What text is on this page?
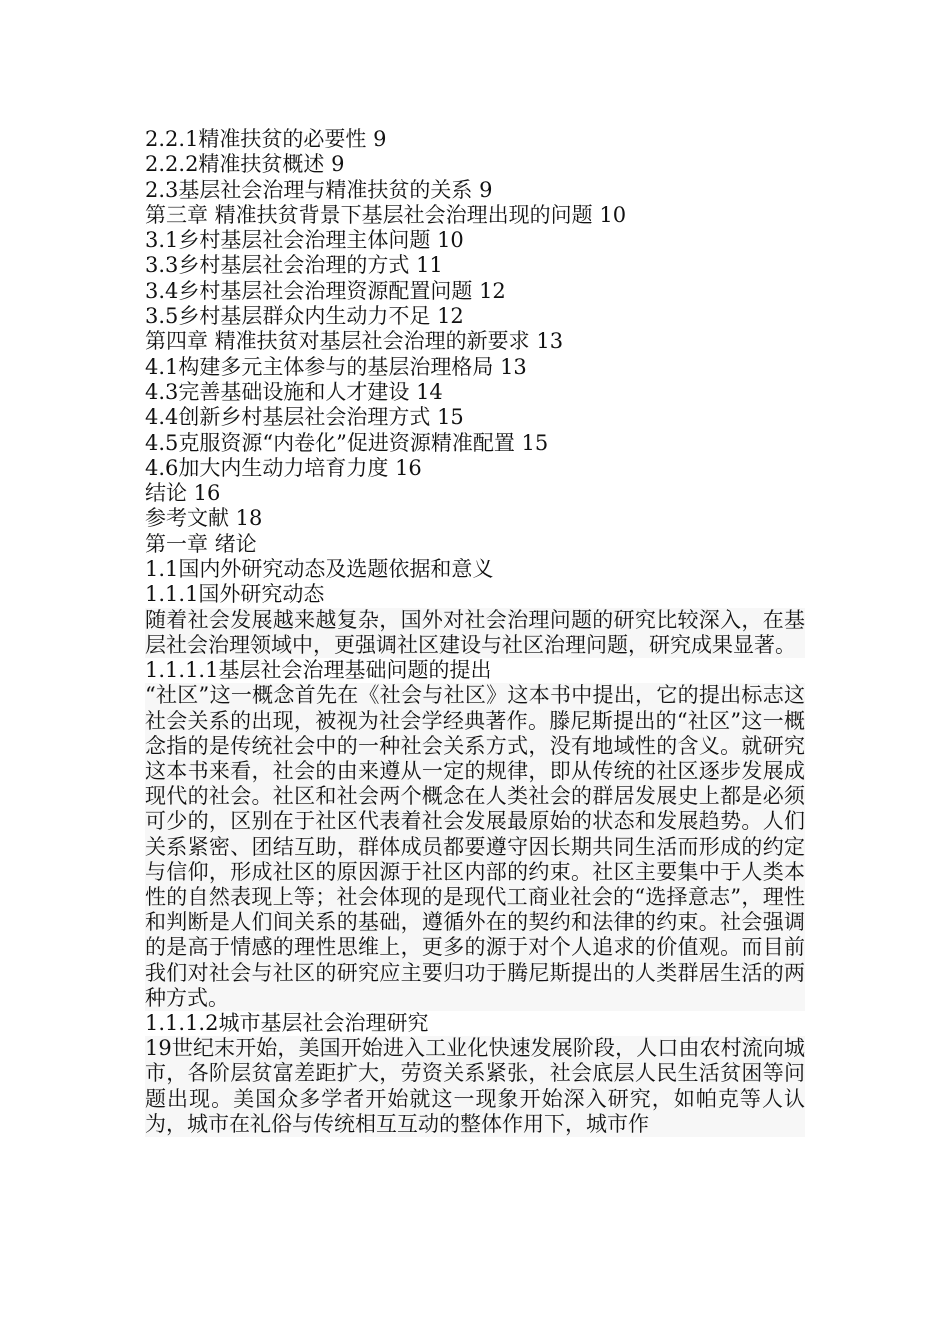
2.2.1精准扶贫的必要性 9
2.2.2精准扶贫概述 9
2.3基层社会治理与精准扶贫的关系 9
第三章 精准扶贫背景下基层社会治理出现的问题 10
3.1乡村基层社会治理主体问题 10
3.3乡村基层社会治理的方式 11
3.4乡村基层社会治理资源配置问题 12
3.5乡村基层群众内生动力不足 12
第四章 精准扶贫对基层社会治理的新要求 13
4.1构建多元主体参与的基层治理格局 13
4.3完善基础设施和人才建设 14
4.4创新乡村基层社会治理方式 15
4.5克服资源“内卷化”促进资源精准配置 15
4.6加大内生动力培育力度 16
结论 16
参考文献 18
第一章 绪论
1.1国内外研究动态及选题依据和意义
1.1.1国外研究动态

随着社会发展越来越复杂，国外对社会治理问题的研究比较深入，在基层社会治理领域中，更强调社区建设与社区治理问题，研究成果显著。

1.1.1.1基层社会治理基础问题的提出

“社区”这一概念首先在《社会与社区》这本书中提出，它的提出标志这社会关系的出现，被视为社会学经典著作。滕尼斯提出的“社区”这一概念指的是传统社会中的一种社会关系方式，没有地域性的含义。就研究这本书来看，社会的由来遵从一定的规律，即从传统的社区逐步发展成现代的社会。社区和社会两个概念在人类社会的群居发展史上都是必须可少的，区别在于社区代表着社会发展最原始的状态和发展趋势。人们关系紧密、团结互助，群体成员都要遵守因长期共同生活而形成的约定与信仰，形成社区的原因源于社区内部的约束。社区主要集中于人类本性的自然表现上等；社会体现的是现代工商业社会的“选择意志”，理性和判断是人们间关系的基础，遵循外在的契约和法律的约束。社会强调的是高于情感的理性思维上，更多的源于对个人追求的价值观。而目前我们对社会与社区的研究应主要归功于腾尼斯提出的人类群居生活的两种方式。

1.1.1.2城市基层社会治理研究

19世纪末开始，美国开始进入工业化快速发展阶段，人口由农村流向城市，各阶层贫富差距扩大，劳资关系紧张，社会底层人民生活贫困等问题出现。美国众多学者开始就这一现象开始深入研究，如帕克等人认为，城市在礼俗与传统相互互动的整体作用下，城市作
